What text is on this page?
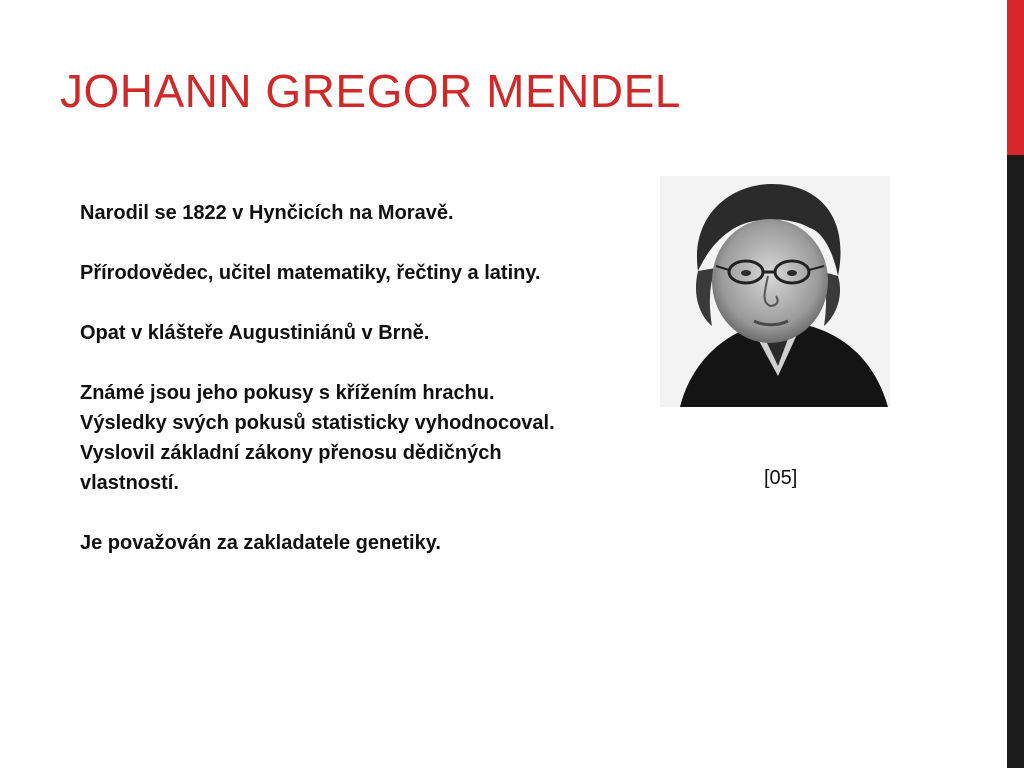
JOHANN GREGOR MENDEL

Narodil se 1822 v Hynčicích na Moravě.

Přírodovědec, učitel matematiky, řečtiny a latiny.

Opat v klášteře Augustiniánů v Brně.

Známé jsou jeho pokusy s křížením hrachu.

Výsledky svých pokusů statisticky vyhodnocoval.

Vyslovil základní zákony přenosu dědičných vlastností.

Je považován za zakladatele genetiky.

[05]
